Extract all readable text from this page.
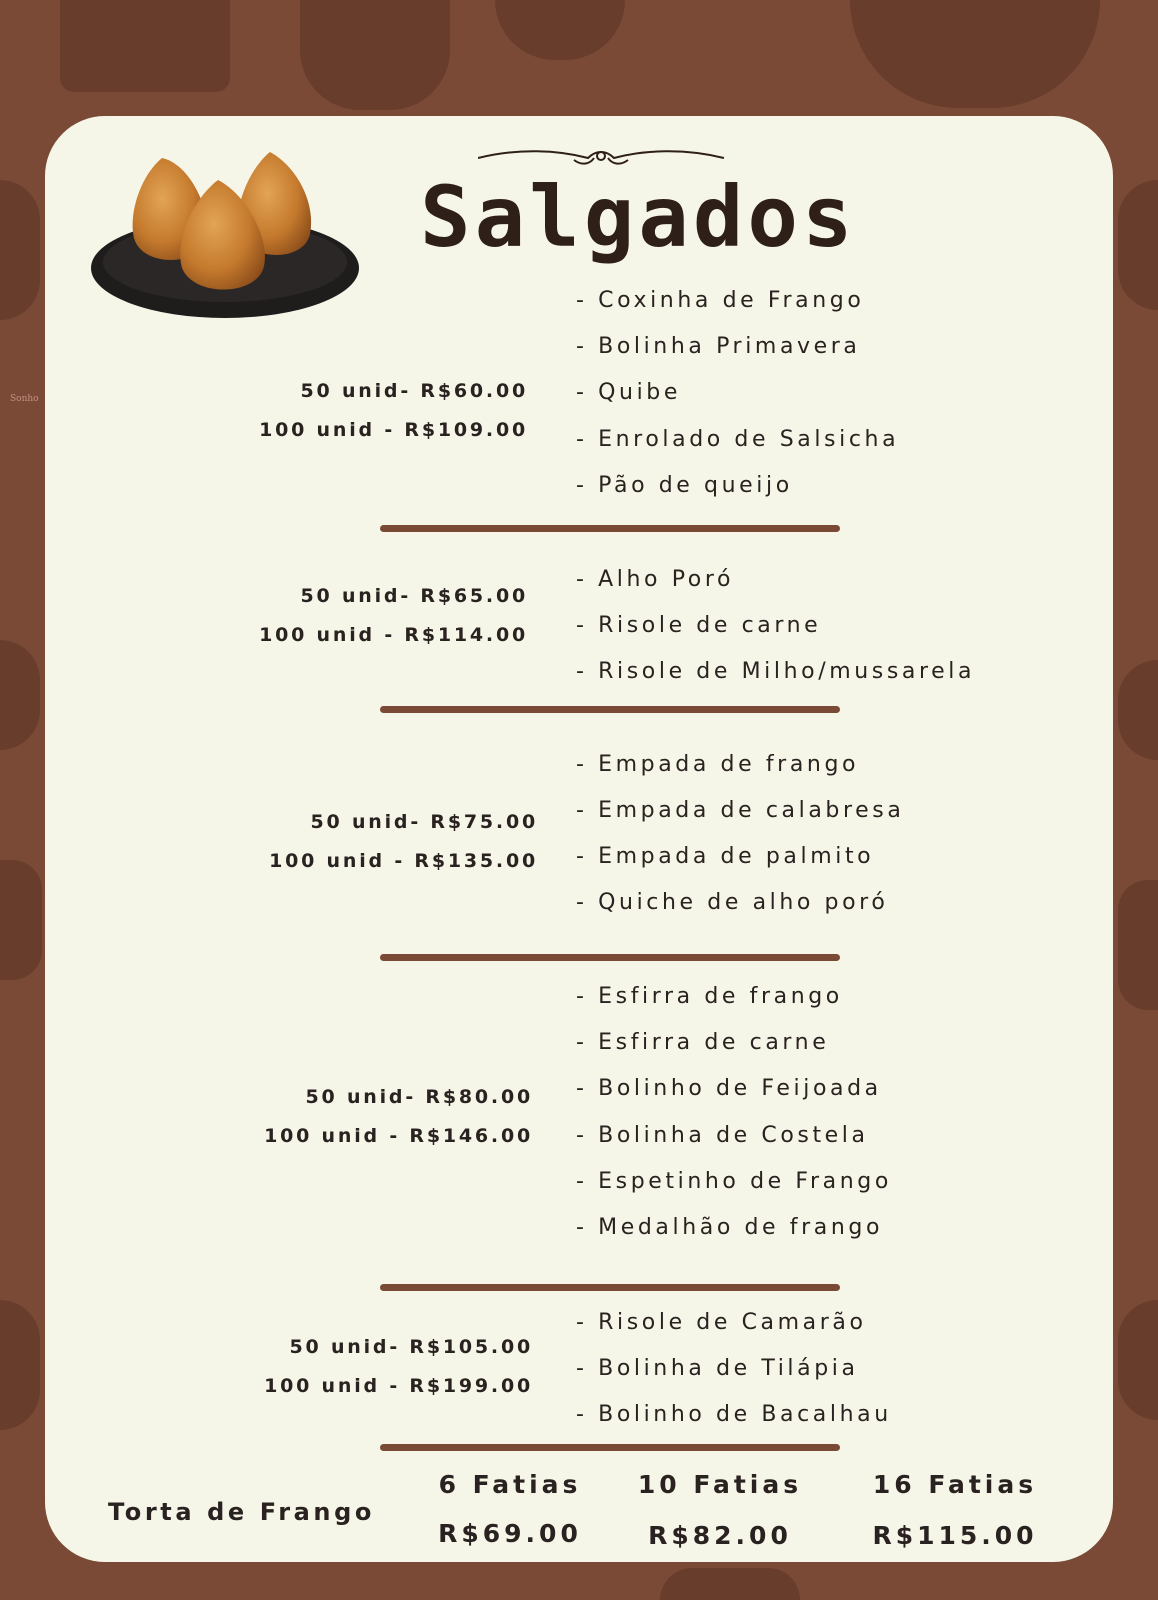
Sonho
Salgados
50 unid- R$60.00
100 unid - R$109.00
- Coxinha de Frango
- Bolinha Primavera
- Quibe
- Enrolado de Salsicha
- Pão de queijo
50 unid- R$65.00
100 unid - R$114.00
- Alho Poró
- Risole de carne
- Risole de Milho/mussarela
50 unid- R$75.00
100 unid - R$135.00
- Empada de frango
- Empada de calabresa
- Empada de palmito
- Quiche de alho poró
50 unid- R$80.00
100 unid - R$146.00
- Esfirra de frango
- Esfirra de carne
- Bolinho de Feijoada
- Bolinha de Costela
- Espetinho de Frango
- Medalhão de frango
50 unid- R$105.00
100 unid - R$199.00
- Risole de Camarão
- Bolinha de Tilápia
- Bolinho de Bacalhau
Torta de Frango
6 Fatias
R$69.00
10 Fatias
R$82.00
16 Fatias
R$115.00
